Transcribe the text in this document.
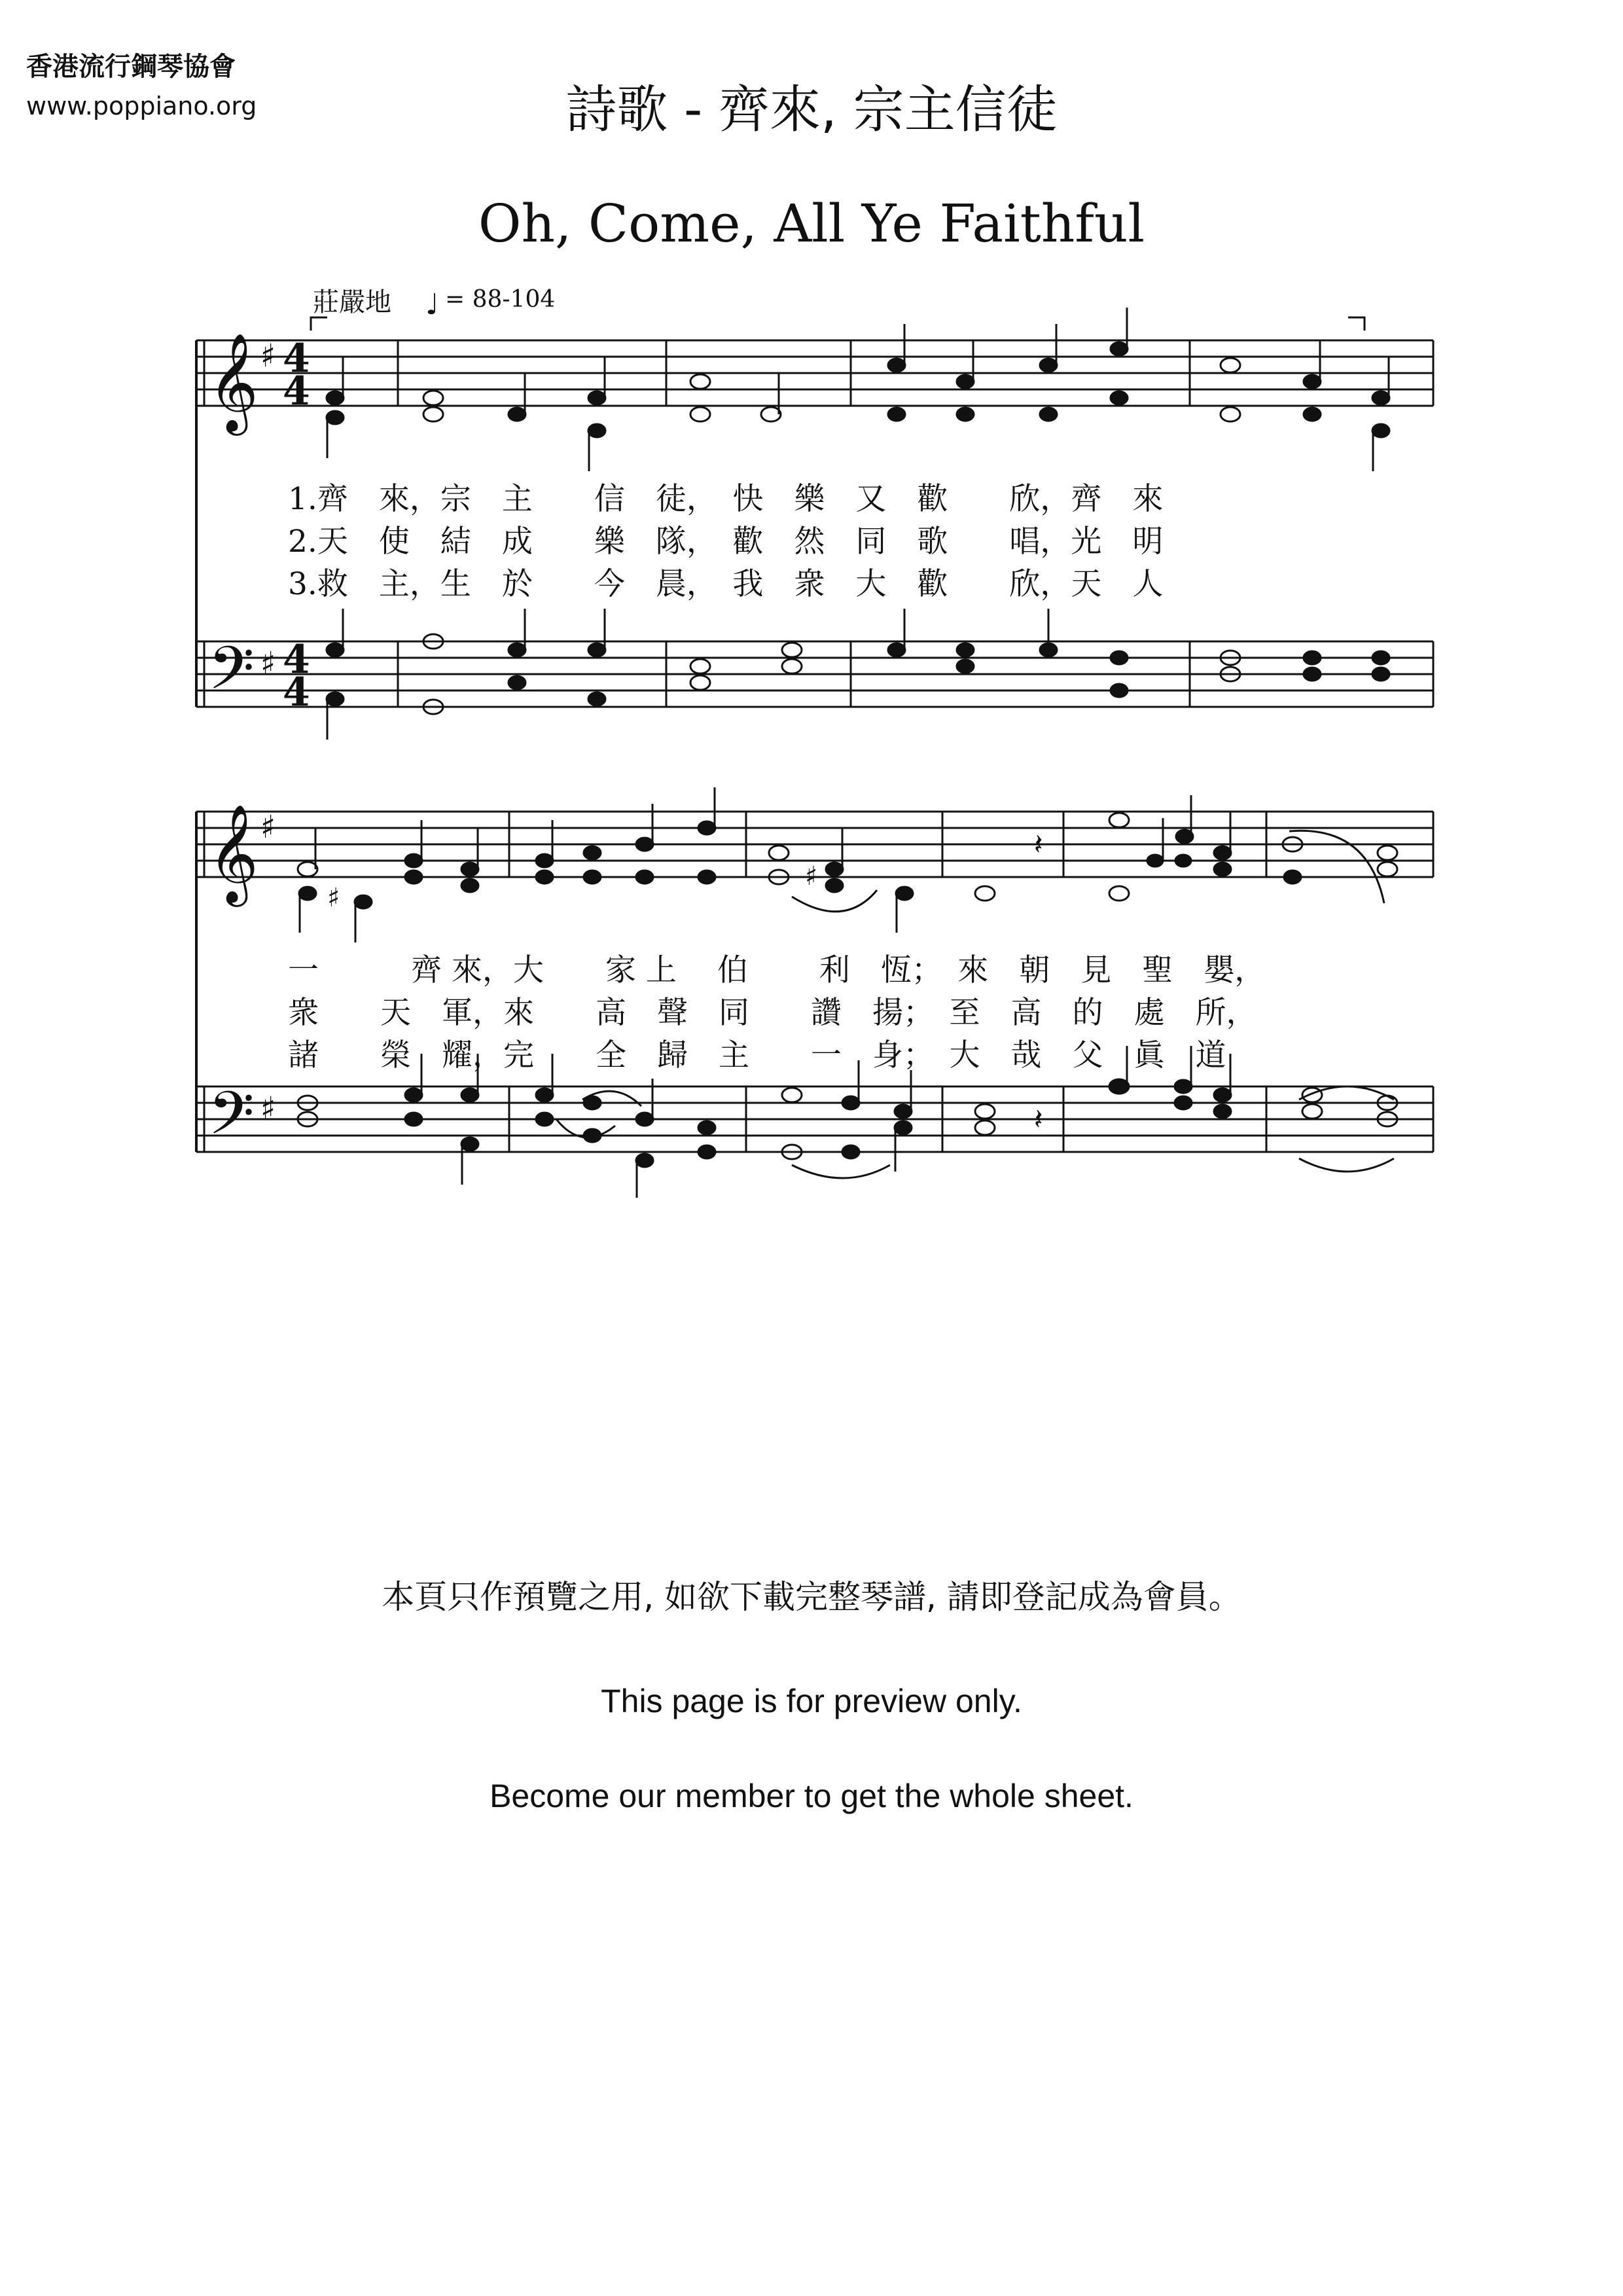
香港流行鋼琴協會
www.poppiano.org	詩歌 - 齊來, 宗主信徒
Oh, Come, All Ye Faithful
莊嚴地 ♩ = 88-104
𝄞
𝄢
𝄞
𝄢
♯
♯
♯
♯
4
4
4
4
𝄽
𝄽
♯
♯
1.齊　來，宗　主　　信　徒，　快　樂　又　歡　　欣，齊　來
2.天　使　結　成　　樂　隊，　歡　然　同　歌　　唱，光　明
3.救　主，生　於　　今　晨，　我　衆　大　歡　　欣，天　人
一　　　齊 來，大　　家 上　 伯　　 利　恆；　來　朝　見　聖　嬰，
衆　　天　軍，來　　高　聲　同　　讚　揚；　至　高　的　處　所，
諸　　榮　耀，完　　全　歸　主　　一　身；　大　哉　父　眞　道
本頁只作預覽之用, 如欲下載完整琴譜, 請即登記成為會員。
This page is for preview only.
Become our member to get the whole sheet.
